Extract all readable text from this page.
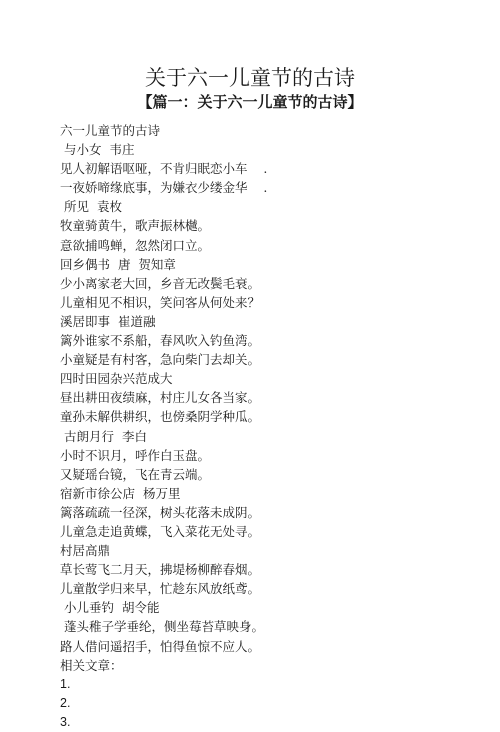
关于六一儿童节的古诗
【篇一：关于六一儿童节的古诗】
六一儿童节的古诗
与小女  韦庄
见人初解语呕哑，不肯归眠恋小车    .
一夜娇啼缘底事，为嫌衣少缕金华    .
所见  袁枚
牧童骑黄牛，歌声振林樾。
意欲捕鸣蝉，忽然闭口立。
回乡偶书  唐  贺知章
少小离家老大回，乡音无改鬓毛衰。
儿童相见不相识，笑问客从何处来？
溪居即事  崔道融
篱外谁家不系船，春风吹入钓鱼湾。
小童疑是有村客，急向柴门去却关。
四时田园杂兴范成大
昼出耕田夜绩麻，村庄儿女各当家。
童孙未解供耕织，也傍桑阴学种瓜。
古朗月行  李白
小时不识月，呼作白玉盘。
又疑瑶台镜，飞在青云端。
宿新市徐公店  杨万里
篱落疏疏一径深，树头花落未成阴。
儿童急走追黄蝶，飞入菜花无处寻。
村居高鼎
草长莺飞二月天，拂堤杨柳醉春烟。
儿童散学归来早，忙趁东风放纸鸢。
小儿垂钓  胡令能
蓬头稚子学垂纶，侧坐莓苔草映身。
路人借问遥招手，怕得鱼惊不应人。
相关文章：
1.
2.
3.
